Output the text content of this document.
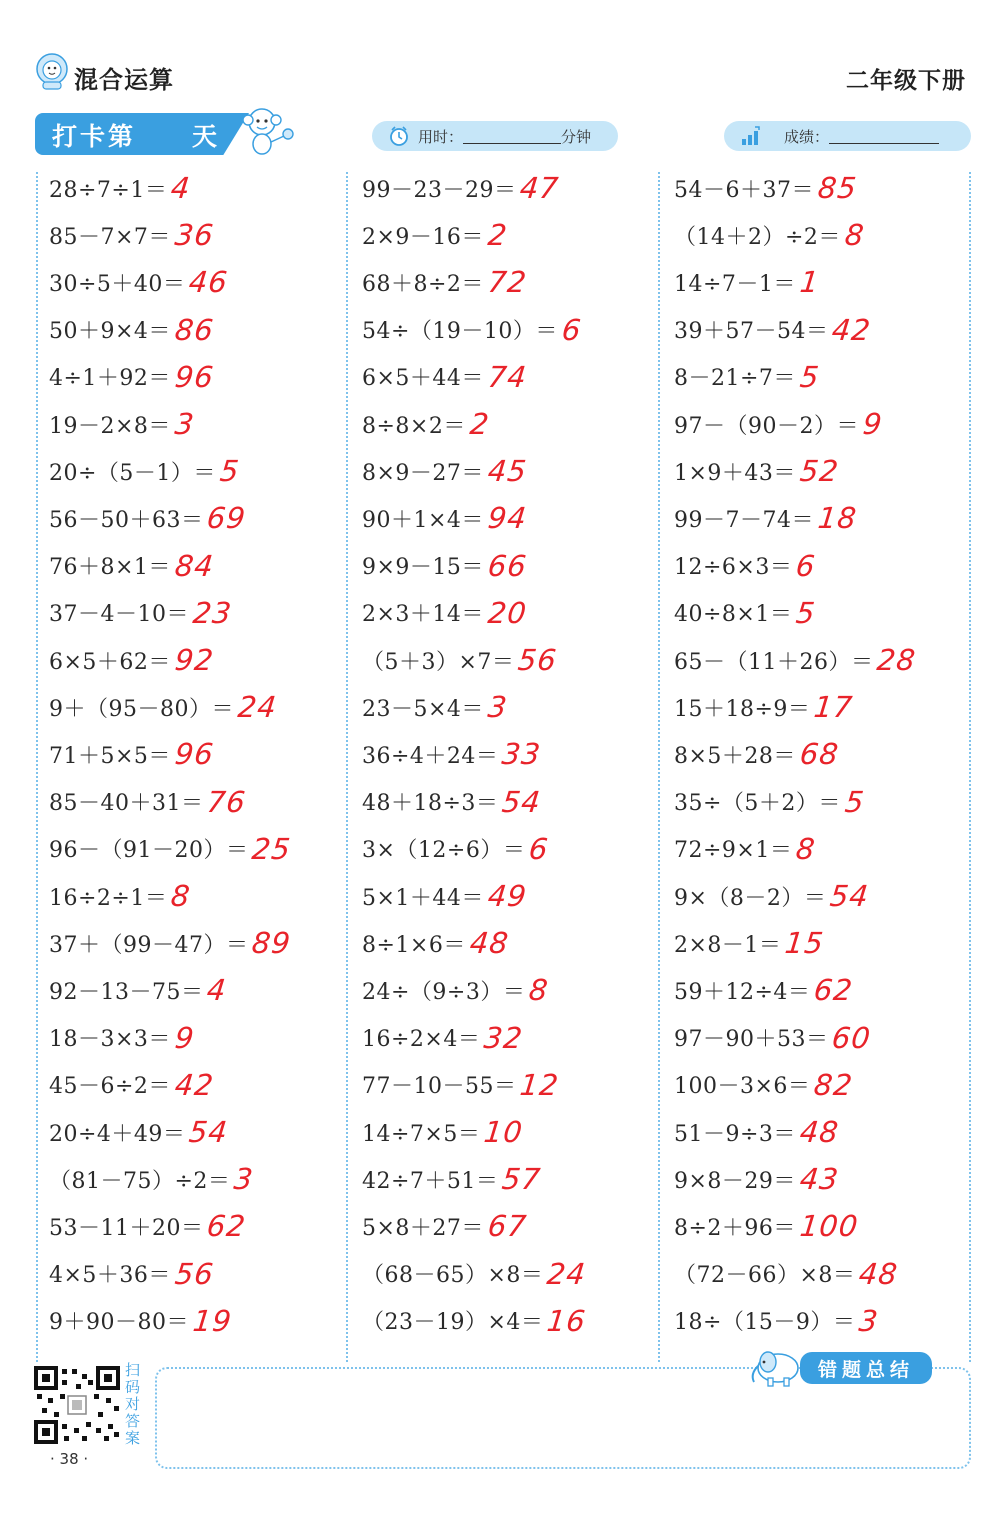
混合运算	二年级下册
打卡第 天	用时：	分钟	成绩：
28÷7÷1＝ 4
85－7×7＝ 36
30÷5＋40＝ 46
50＋9×4＝ 86
4÷1＋92＝ 96
19－2×8＝ 3
20÷（5－1）＝ 5
56－50＋63＝ 69
76＋8×1＝ 84
37－4－10＝ 23
6×5＋62＝ 92
9＋（95－80）＝ 24
71＋5×5＝ 96
85－40＋31＝ 76
96－（91－20）＝ 25
16÷2÷1＝ 8
37＋（99－47）＝ 89
92－13－75＝ 4
18－3×3＝ 9
45－6÷2＝ 42
20÷4＋49＝ 54
（81－75）÷2＝ 3
53－11＋20＝ 62
4×5＋36＝ 56
9＋90－80＝ 19
99－23－29＝ 47
2×9－16＝ 2
68＋8÷2＝ 72
54÷（19－10）＝ 6
6×5＋44＝ 74
8÷8×2＝ 2
8×9－27＝ 45
90＋1×4＝ 94
9×9－15＝ 66
2×3＋14＝ 20
（5＋3）×7＝ 56
23－5×4＝ 3
36÷4＋24＝ 33
48＋18÷3＝ 54
3×（12÷6）＝ 6
5×1＋44＝ 49
8÷1×6＝ 48
24÷（9÷3）＝ 8
16÷2×4＝ 32
77－10－55＝ 12
14÷7×5＝ 10
42÷7＋51＝ 57
5×8＋27＝ 67
（68－65）×8＝ 24
（23－19）×4＝ 16
54－6＋37＝ 85
（14＋2）÷2＝ 8
14÷7－1＝ 1
39＋57－54＝ 42
8－21÷7＝ 5
97－（90－2）＝ 9
1×9＋43＝ 52
99－7－74＝ 18
12÷6×3＝ 6
40÷8×1＝ 5
65－（11＋26）＝ 28
15＋18÷9＝ 17
8×5＋28＝ 68
35÷（5＋2）＝ 5
72÷9×1＝ 8
9×（8－2）＝ 54
2×8－1＝ 15
59＋12÷4＝ 62
97－90＋53＝ 60
100－3×6＝ 82
51－9÷3＝ 48
9×8－29＝ 43
8÷2＋96＝ 100
（72－66）×8＝ 48
18÷（15－9）＝ 3
扫码对答案
· 38 ·
错题总结
